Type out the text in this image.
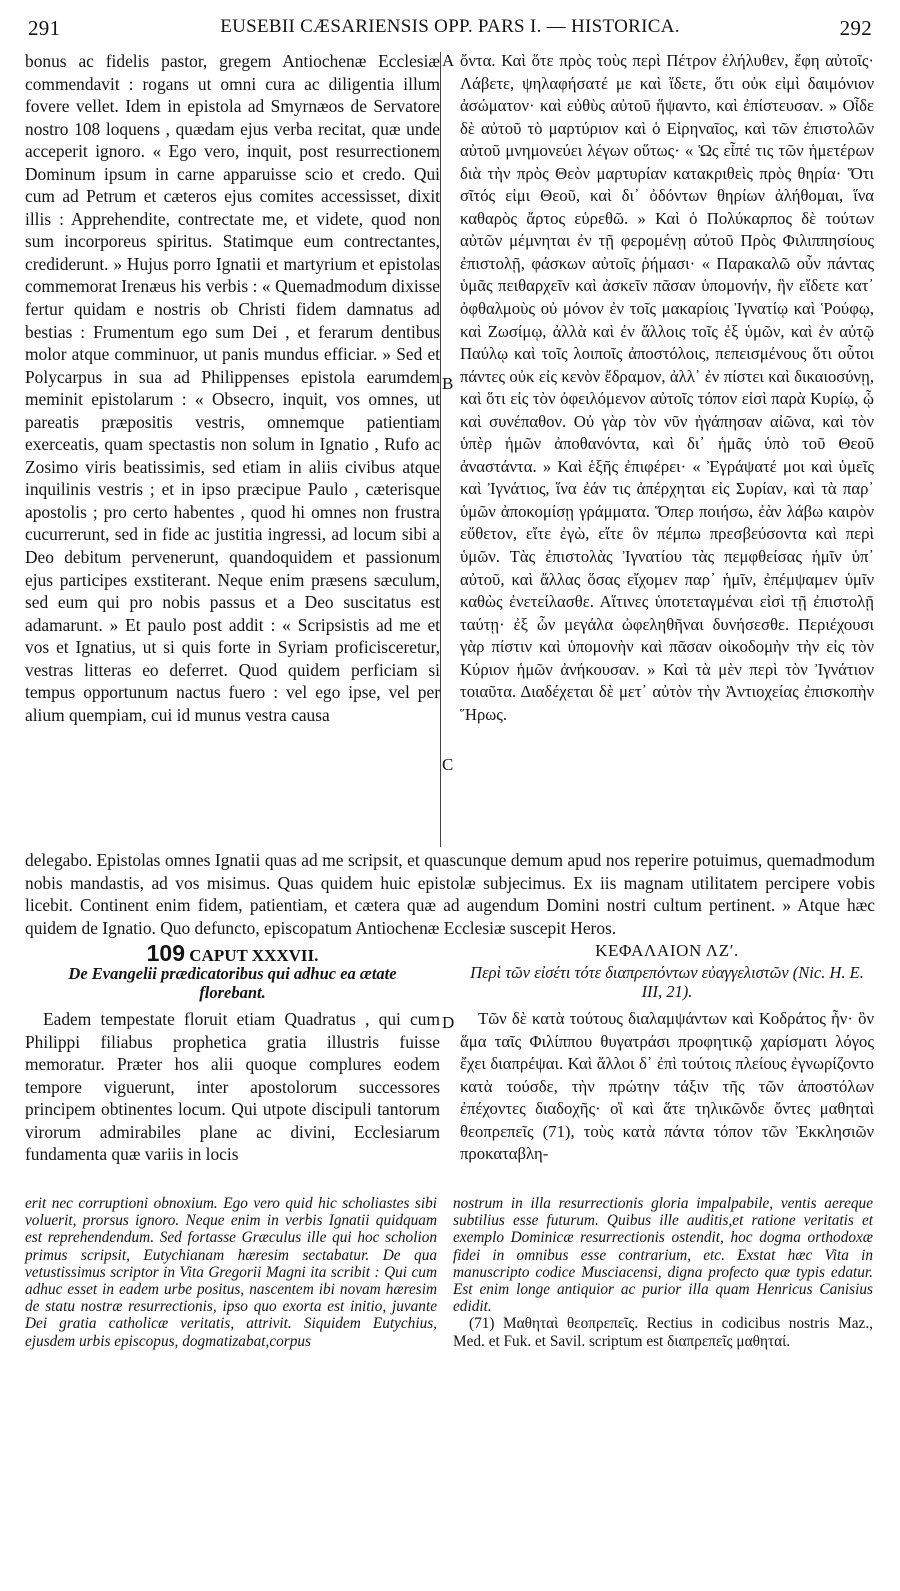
291	EUSEBII CÆSARIENSIS OPP. PARS I. — HISTORICA.	292

bonus ac fidelis pastor, gregem Antiochenæ Ecclesiæ commendavit : rogans ut omni cura ac diligentia illum fovere vellet. Idem in epistola ad Smyrnæos de Servatore nostro 108 loquens , quædam ejus verba recitat, quæ unde acceperit ignoro. « Ego vero, inquit, post resurrectionem Dominum ipsum in carne apparuisse scio et credo. Qui cum ad Petrum et cæteros ejus comites accessisset, dixit illis : Apprehendite, contrectate me, et videte, quod non sum incorporeus spiritus. Statimque eum contrectantes, crediderunt. » Hujus porro Ignatii et martyrium et epistolas commemorat Irenæus his verbis : « Quemadmodum dixisse fertur quidam e nostris ob Christi fidem damnatus ad bestias : Frumentum ego sum Dei , et ferarum dentibus molor atque comminuor, ut panis mundus efficiar. » Sed et Polycarpus in sua ad Philippenses epistola earumdem meminit epistolarum : « Obsecro, inquit, vos omnes, ut pareatis præpositis vestris, omnemque patientiam exerceatis, quam spectastis non solum in Ignatio , Rufo ac Zosimo viris beatissimis, sed etiam in aliis civibus atque inquilinis vestris ; et in ipso præcipue Paulo , cæterisque apostolis ; pro certo habentes , quod hi omnes non frustra cucurrerunt, sed in fide ac justitia ingressi, ad locum sibi a Deo debitum pervenerunt, quandoquidem et passionum ejus participes exstiterant. Neque enim præsens sæculum, sed eum qui pro nobis passus et a Deo suscitatus est adamarunt. » Et paulo post addit : « Scripsistis ad me et vos et Ignatius, ut si quis forte in Syriam proficisceretur, vestras litteras eo deferret. Quod quidem perficiam si tempus opportunum nactus fuero : vel ego ipse, vel per alium quempiam, cui id munus vestra causa

ὄντα. Καὶ ὅτε πρὸς τοὺς περὶ Πέτρον ἐλήλυθεν, ἔφη αὐτοῖς· Λάβετε, ψηλαφήσατέ με καὶ ἴδετε, ὅτι οὐκ εἰμὶ δαιμόνιον ἀσώματον· καὶ εὐθὺς αὐτοῦ ἥψαντο, καὶ ἐπίστευσαν. » Οἶδε δὲ αὐτοῦ τὸ μαρτύριον καὶ ὁ Εἰρηναῖος, καὶ τῶν ἐπιστολῶν αὐτοῦ μνημονεύει λέγων οὕτως· « Ὡς εἶπέ τις τῶν ἡμετέρων διὰ τὴν πρὸς Θεὸν μαρτυρίαν κατακριθεὶς πρὸς θηρία· Ὅτι σῖτός εἰμι Θεοῦ, καὶ δι᾽ ὀδόντων θηρίων ἀλήθομαι, ἵνα καθαρὸς ἄρτος εὑρεθῶ. » Καὶ ὁ Πολύκαρπος δὲ τούτων αὐτῶν μέμνηται ἐν τῇ φερομένῃ αὐτοῦ Πρὸς Φιλιππησίους ἐπιστολῇ, φάσκων αὐτοῖς ῥήμασι· « Παρακαλῶ οὖν πάντας ὑμᾶς πειθαρχεῖν καὶ ἀσκεῖν πᾶσαν ὑπομονήν, ἣν εἴδετε κατ᾽ ὀφθαλμοὺς οὐ μόνον ἐν τοῖς μακαρίοις Ἰγνατίῳ καὶ Ῥούφῳ, καὶ Ζωσίμῳ, ἀλλὰ καὶ ἐν ἄλλοις τοῖς ἐξ ὑμῶν, καὶ ἐν αὐτῷ Παύλῳ καὶ τοῖς λοιποῖς ἀποστόλοις, πεπεισμένους ὅτι οὗτοι πάντες οὐκ εἰς κενὸν ἔδραμον, ἀλλ᾽ ἐν πίστει καὶ δικαιοσύνῃ, καὶ ὅτι εἰς τὸν ὀφειλόμενον αὐτοῖς τόπον εἰσὶ παρὰ Κυρίῳ, ᾧ καὶ συνέπαθον. Οὐ γὰρ τὸν νῦν ἠγάπησαν αἰῶνα, καὶ τὸν ὑπὲρ ἡμῶν ἀποθανόντα, καὶ δι᾽ ἡμᾶς ὑπὸ τοῦ Θεοῦ ἀναστάντα. » Καὶ ἑξῆς ἐπιφέρει· « Ἐγράψατέ μοι καὶ ὑμεῖς καὶ Ἰγνάτιος, ἵνα ἐάν τις ἀπέρχηται εἰς Συρίαν, καὶ τὰ παρ᾽ ὑμῶν ἀποκομίσῃ γράμματα. Ὅπερ ποιήσω, ἐὰν λάβω καιρὸν εὔθετον, εἴτε ἐγὼ, εἴτε ὃν πέμπω πρεσβεύσοντα καὶ περὶ ὑμῶν. Τὰς ἐπιστολὰς Ἰγνατίου τὰς πεμφθείσας ἡμῖν ὑπ᾽ αὐτοῦ, καὶ ἄλλας ὅσας εἴχομεν παρ᾽ ἡμῖν, ἐπέμψαμεν ὑμῖν καθὼς ἐνετείλασθε. Αἵτινες ὑποτεταγμέναι εἰσὶ τῇ ἐπιστολῇ ταύτῃ· ἐξ ὧν μεγάλα ὠφεληθῆναι δυνήσεσθε. Περιέχουσι γὰρ πίστιν καὶ ὑπομονὴν καὶ πᾶσαν οἰκοδομὴν τὴν εἰς τὸν Κύριον ἡμῶν ἀνήκουσαν. » Καὶ τὰ μὲν περὶ τὸν Ἰγνάτιον τοιαῦτα. Διαδέχεται δὲ μετ᾽ αὐτὸν τὴν Ἀντιοχείας ἐπισκοπὴν Ἥρως.

A
B
C
D

delegabo. Epistolas omnes Ignatii quas ad me scripsit, et quascunque demum apud nos reperire potuimus, quemadmodum nobis mandastis, ad vos misimus. Quas quidem huic epistolæ subjecimus. Ex iis magnam utilitatem percipere vobis licebit. Continent enim fidem, patientiam, et cætera quæ ad augendum Domini nostri cultum pertinent. » Atque hæc quidem de Ignatio. Quo defuncto, episcopatum Antiochenæ Ecclesiæ suscepit Heros.

109 CAPUT XXXVII.
De Evangelii prædicatoribus qui adhuc ea ætate florebant.

Eadem tempestate floruit etiam Quadratus , qui cum Philippi filiabus prophetica gratia illustris fuisse memoratur. Præter hos alii quoque complures eodem tempore viguerunt, inter apostolorum successores principem obtinentes locum. Qui utpote discipuli tantorum virorum admirabiles plane ac divini, Ecclesiarum fundamenta quæ variis in locis

ΚΕΦΑΛΑΙΟΝ ΛΖʹ.
Περὶ τῶν εἰσέτι τότε διαπρεπόντων εὐαγγελιστῶν (Nic. H. E. III, 21).

Τῶν δὲ κατὰ τούτους διαλαμψάντων καὶ Κοδράτος ἦν· ὃν ἅμα ταῖς Φιλίππου θυγατράσι προφητικῷ χαρίσματι λόγος ἔχει διαπρέψαι. Καὶ ἄλλοι δ᾽ ἐπὶ τούτοις πλείους ἐγνωρίζοντο κατὰ τούσδε, τὴν πρώτην τάξιν τῆς τῶν ἀποστόλων ἐπέχοντες διαδοχῆς· οἳ καὶ ἅτε τηλικῶνδε ὄντες μαθηταὶ θεοπρεπεῖς (71), τοὺς κατὰ πάντα τόπον τῶν Ἐκκλησιῶν προκαταβλη-

erit nec corruptioni obnoxium. Ego vero quid hic scholiastes sibi voluerit, prorsus ignoro. Neque enim in verbis Ignatii quidquam est reprehendendum. Sed fortasse Græculus ille qui hoc scholion primus scripsit, Eutychianam hæresim sectabatur. De qua vetustissimus scriptor in Vita Gregorii Magni ita scribit : Qui cum adhuc esset in eadem urbe positus, nascentem ibi novam hæresim de statu nostræ resurrectionis, ipso quo exorta est initio, juvante Dei gratia catholicæ veritatis, attrivit. Siquidem Eutychius, ejusdem urbis episcopus, dogmatizabat,corpus

nostrum in illa resurrectionis gloria impalpabile, ventis aereque subtilius esse futurum. Quibus ille auditis,et ratione veritatis et exemplo Dominicæ resurrectionis ostendit, hoc dogma orthodoxæ fidei in omnibus esse contrarium, etc. Exstat hæc Vita in manuscripto codice Musciacensi, digna profecto quæ typis edatur. Est enim longe antiquior ac purior illa quam Henricus Canisius edidit.

(71) Μαθηταὶ θεοπρεπεῖς. Rectius in codicibus nostris Maz., Med. et Fuk. et Savil. scriptum est διαπρεπεῖς μαθηταί.
